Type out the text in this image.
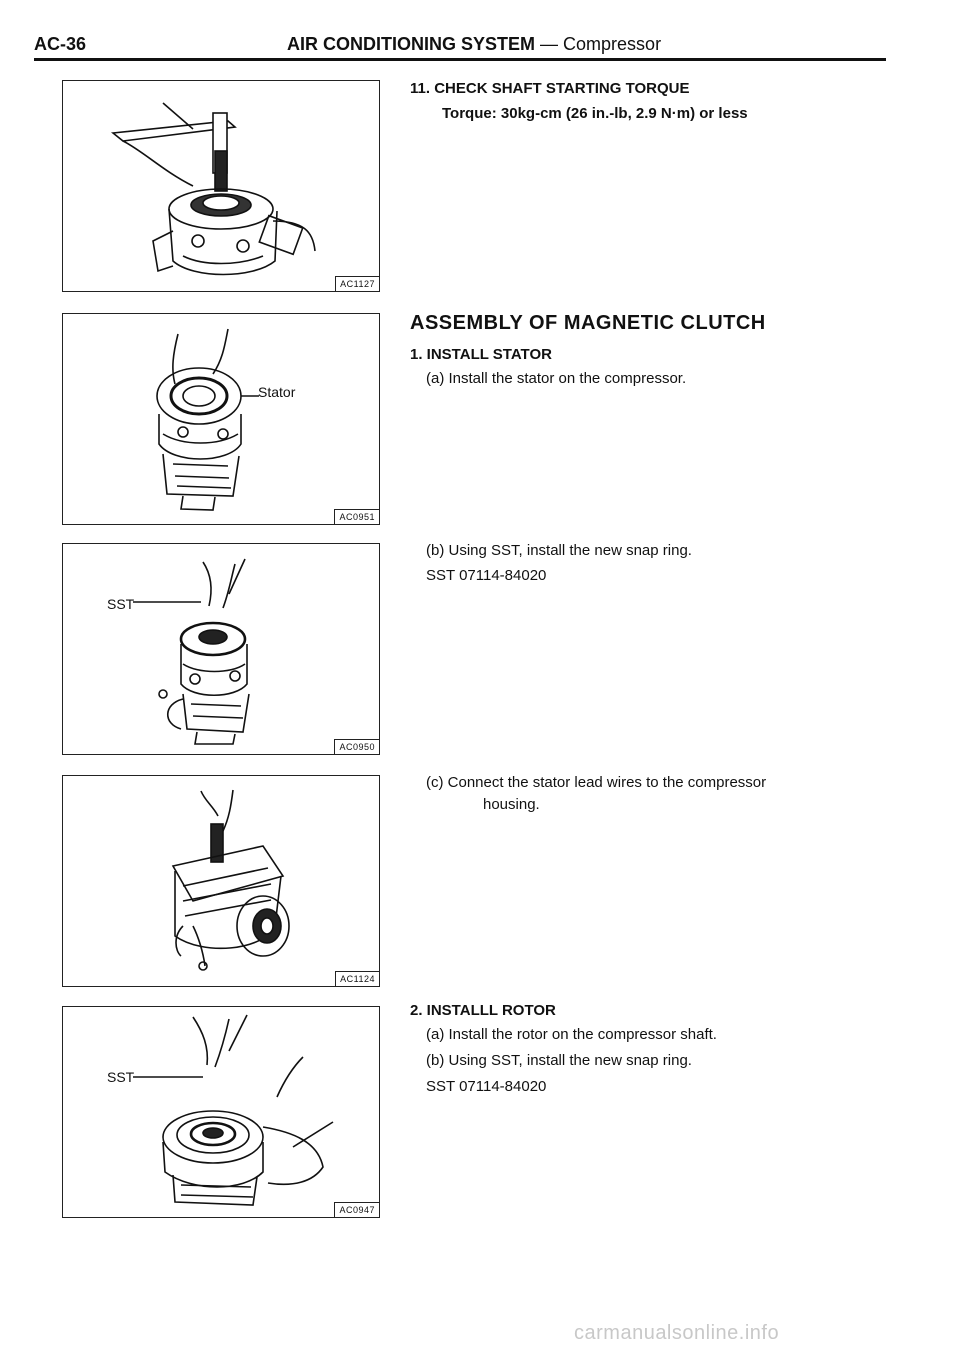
AC-36	AIR CONDITIONING SYSTEM — Compressor
AC1127
Stator
AC0951
SST
AC0950
AC1124
SST
AC0947
11. CHECK SHAFT STARTING TORQUE
Torque: 30kg-cm (26 in.-lb, 2.9 N·m) or less
ASSEMBLY OF MAGNETIC CLUTCH
1. INSTALL STATOR
(a) Install the stator on the compressor.
(b) Using SST, install the new snap ring.
SST 07114-84020
(c) Connect the stator lead wires to the compressor
housing.
2. INSTALLL ROTOR
(a) Install the rotor on the compressor shaft.
(b) Using SST, install the new snap ring.
SST 07114-84020
carmanualsonline.info
